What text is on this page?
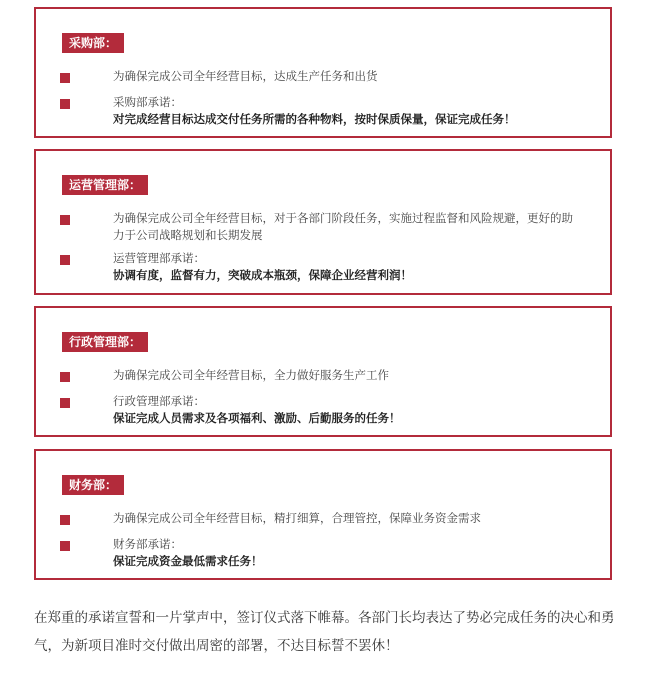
采购部：
为确保完成公司全年经营目标，达成生产任务和出货
采购部承诺：
对完成经营目标达成交付任务所需的各种物料，按时保质保量，保证完成任务！
运营管理部：
为确保完成公司全年经营目标，对于各部门阶段任务，实施过程监督和风险规避，更好的助力于公司战略规划和长期发展
运营管理部承诺：
协调有度，监督有力，突破成本瓶颈，保障企业经营利润！
行政管理部：
为确保完成公司全年经营目标，全力做好服务生产工作
行政管理部承诺：
保证完成人员需求及各项福利、激励、后勤服务的任务！
财务部：
为确保完成公司全年经营目标，精打细算，合理管控，保障业务资金需求
财务部承诺：
保证完成资金最低需求任务！

在郑重的承诺宣誓和一片掌声中，签订仪式落下帷幕。各部门长均表达了势必完成任务的决心和勇气，为新项目准时交付做出周密的部署，不达目标誓不罢休！
